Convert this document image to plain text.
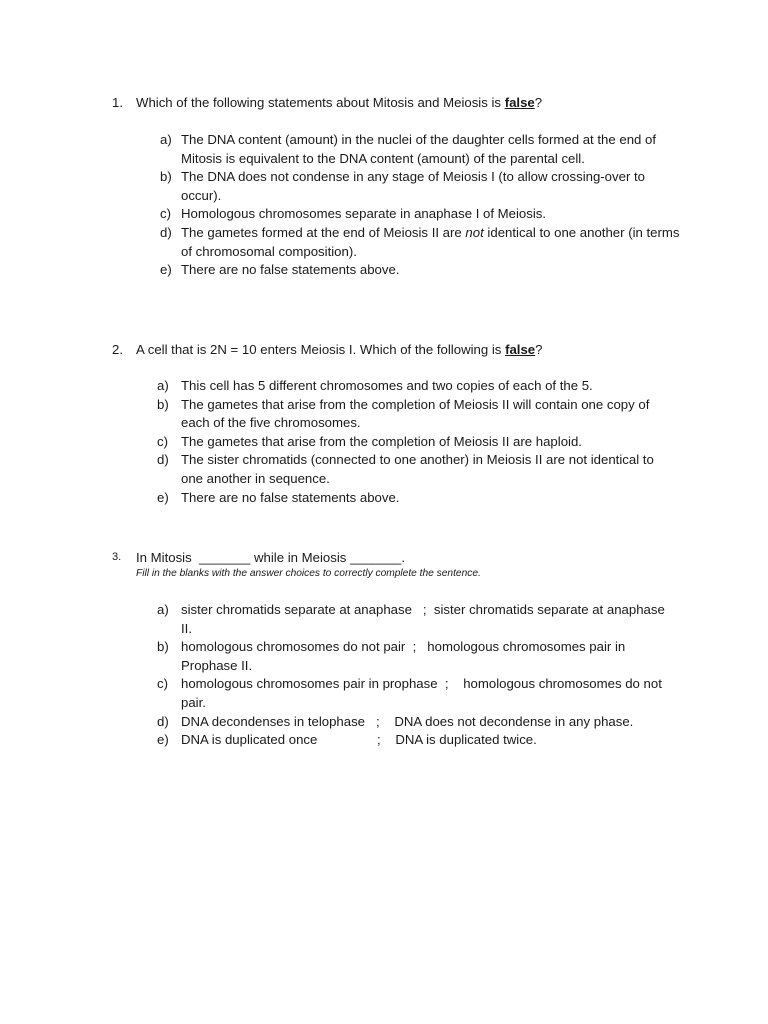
1. Which of the following statements about Mitosis and Meiosis is false?
a) The DNA content (amount) in the nuclei of the daughter cells formed at the end of Mitosis is equivalent to the DNA content (amount) of the parental cell.
b) The DNA does not condense in any stage of Meiosis I (to allow crossing-over to occur).
c) Homologous chromosomes separate in anaphase I of Meiosis.
d) The gametes formed at the end of Meiosis II are not identical to one another (in terms of chromosomal composition).
e) There are no false statements above.
2. A cell that is 2N = 10 enters Meiosis I. Which of the following is false?
a) This cell has 5 different chromosomes and two copies of each of the 5.
b) The gametes that arise from the completion of Meiosis II will contain one copy of each of the five chromosomes.
c) The gametes that arise from the completion of Meiosis II are haploid.
d) The sister chromatids (connected to one another) in Meiosis II are not identical to one another in sequence.
e) There are no false statements above.
3.	In Mitosis  _______ while in Meiosis _______.
Fill in the blanks with the answer choices to correctly complete the sentence.
a) sister chromatids separate at anaphase   ;  sister chromatids separate at anaphase II.
b) homologous chromosomes do not pair  ;   homologous chromosomes pair in Prophase II.
c) homologous chromosomes pair in prophase  ;    homologous chromosomes do not pair.
d) DNA decondenses in telophase   ;    DNA does not decondense in any phase.
e) DNA is duplicated once	;    DNA is duplicated twice.
